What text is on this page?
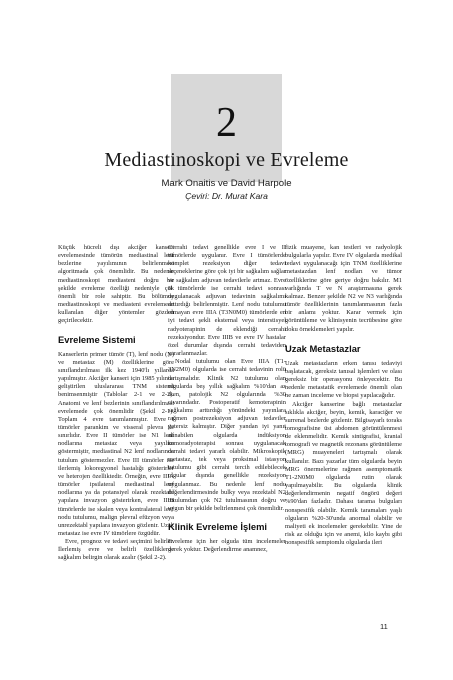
2
Mediastinoskopi ve Evreleme
Mark Onaitis ve David Harpole
Çeviri: Dr. Murat Kara

Küçük hücreli dışı akciğer kanseri evrelemesinde tümörün mediastinal lenf bezlerine yayılımının belirlenmesi algoritmada çok önemlidir. Bu nedenle mediastinoskopi mediasteni doğru bir şekilde evreleme özelliği nedeniyle çok önemli bir role sahiptir. Bu bölümde mediastinoskopi ve mediasteni evrelemede kullanılan diğer yöntemler gözden geçirilecektir.

Evreleme Sistemi

Kanserlerin primer tümör (T), lenf nodu (N) ve metastaz (M) özelliklerine göre sınıflandırılması ilk kez 1940'lı yıllarda yapılmıştır. Akciğer kanseri için 1985 yılında geliştirilen uluslararası TNM sistemi benimsenmiştir (Tablolar 2-1 ve 2-2). Anatomi ve lenf bezlerinin sınıflandırılması evrelemede çok önemlidir (Şekil 2-1). Toplam 4 evre tanımlanmıştır. Evre I tümörler parankim ve visseral plevra ile sınırlıdır. Evre II tümörler ise N1 lenf nodlarına metastaz veya yayılım göstermiştir, mediastinal N2 lenf nodlarında tutulum göstermezler. Evre III tümörler ise ilerlemiş lokoregyonel hastalığı gösterirler ve heterojen özelliktedir. Örneğin, evre IIIA tümörler ipsilateral mediastinal lenf nodlarına ya da potansiyel olarak rezektabl yapılara invazyon gösterirken, evre IIIB tümörlerde ise skalen veya kontralateral lenf nodu tutulumu, malign plevral efüzyon veya unrezektabl yapılara invazyon gözlenir. Uzak metastaz ise evre IV tümörlere özgüdür.

Evre, prognoz ve tedavi seçimini belirler. İlerlemiş evre ve belirli özelliklerde sağkalım belirgin olarak azalır (Şekil 2-2).

Cerrahi tedavi genellikle evre I ve II tümörlerde uygulanır. Evre I tümörlerde komplet rezeksiyon diğer tedavi seçeneklerine göre çok iyi bir sağkalım sağlar ve sağkalım adjuvan tedavilerle artmaz. Evre II tümörlerde ise cerrahi tedavi sonrası uygulanacak adjuvan tedavinin sağkalımı arttırdığı belirlenmiştir. Lenf nodu tutulumu olmayan evre IIIA (T3N0M0) tümörlerde en iyi tedavi şekli eksternal veya interstisyel radyoterapinin de eklendiği cerrahi rezeksiyondur. Evre IIIB ve evre IV hastalar özel durumlar dışında cerrahi tedaviden yararlanmazlar.

Nodal tutulumu olan Evre IIIA (T1-3N2M0) olgularda ise cerrahi tedavinin rolü tartışmalıdır. Klinik N2 tutulumu olan olgularda beş yıllık sağkalım %10'dan az iken, patolojik N2 olgularında %30 civarındadır. Postoperatif kemoterapinin sağkalımı arttırdığı yönündeki yayınlara rağmen postrezeksiyon adjuvan tedaviler yetersiz kalmıştır. Diğer yandan iyi yanıt alınabilen olgularda indüksiyon kemoradyoterapisi sonrası uygulanacak cerrahi tedavi yararlı olabilir. Mikroskopik metastaz, tek veya proksimal istasyon tutulumu gibi cerrahi tercih edilebilecek olgular dışında genellikle rezeksiyon uygulanmaz. Bu nedenle lenf nodu değerlendirmesinde bulky veya rezektabl N2 tutulumdan çok N2 tutulmasının doğru ve uygun bir şekilde belirlenmesi çok önemlidir.

Klinik Evreleme İşlemi

Evreleme için her olguda tüm incelemeler gerek yoktur. Değerlendirme anamnez,

fizik muayene, kan testleri ve radyolojik bulgularla yapılır. Evre IV olgularda medikal tedavi uygulanacağı için TNM özelliklerine metastazdan lenf nodları ve tümor özelliklerine göre geriye doğru bakılır. M1 varlığında T ve N araştırmasına gerek kalmaz. Benzer şekilde N2 ve N3 varlığında tümör özelliklerinin tanımlanmasının fazla bir anlamı yoktur. Karar vermek için görüntüleme ve klinisyenin tecrübesine göre doku örneklemeleri yapılır.

Uzak Metastazlar

Uzak metastazların erken tanısı tedaviyi başlatacak, gereksiz tanısal işlemleri ve olası gereksiz bir operasyonu önleyecektir. Bu nedenle metastatik evrelemede önemli olan ne zaman inceleme ve biopsi yapılacağıdır.

Akciğer kanserine bağlı metastazlar sıklıkla akciğer, beyin, kemik, karaciğer ve surrenal bezlerde gözlenir. Bilgisayarlı toraks tomografisine üst abdomen görüntülenmesi de eklenmelidir. Kemik sintigrafisi, kranial tomografi ve magnetik rezonans görüntüleme (MRG) muayeneleri tartışmalı olarak kullanılır. Bazı yazarlar tüm olgularda beyin MRG önermelerine rağmen asemptomatik T1-2N0M0 olgularda rutin olarak yapılmayabilir. Bu olgularda klinik değerlendirmenin negatif öngörü değeri %90'dan fazladır. Dahası tarama bulguları nonspesifik olabilir. Kemik taramaları yaşlı olguların %20-30'unda anormal olabilir ve maliyeti ek incelemeler gerekebilir. Yine de risk az olduğu için ve anemi, kilo kaybı gibi nonspesifik semptomlu olgularda ileri

11
